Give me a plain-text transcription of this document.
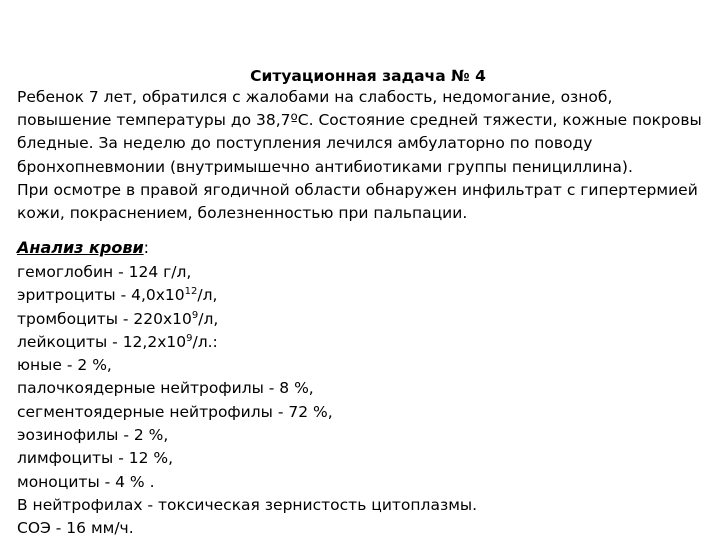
Ситуационная задача № 4
Ребенок 7 лет, обратился с жалобами на слабость, недомогание, озноб,
повышение температуры до 38,7ºС. Состояние средней тяжести, кожные покровы
бледные. За неделю до поступления лечился амбулаторно по поводу
бронхопневмонии (внутримышечно антибиотиками группы пенициллина).
При осмотре в правой ягодичной области обнаружен инфильтрат с гипертермией
кожи, покраснением, болезненностью при пальпации.
Анализ крови:
гемоглобин - 124 г/л,
эритроциты - $4,0х10^{12}/л$,
тромбоциты - $220х10^9/л$,
лейкоциты - $12,2х10^9/л$.:
юные - 2 %,
палочкоядерные нейтрофилы - 8 %,
сегментоядерные нейтрофилы - 72 %,
эозинофилы - 2 %,
лимфоциты - 12 %,
моноциты - 4 % .
В нейтрофилах - токсическая зернистость цитоплазмы.
СОЭ - 16 мм/ч.
